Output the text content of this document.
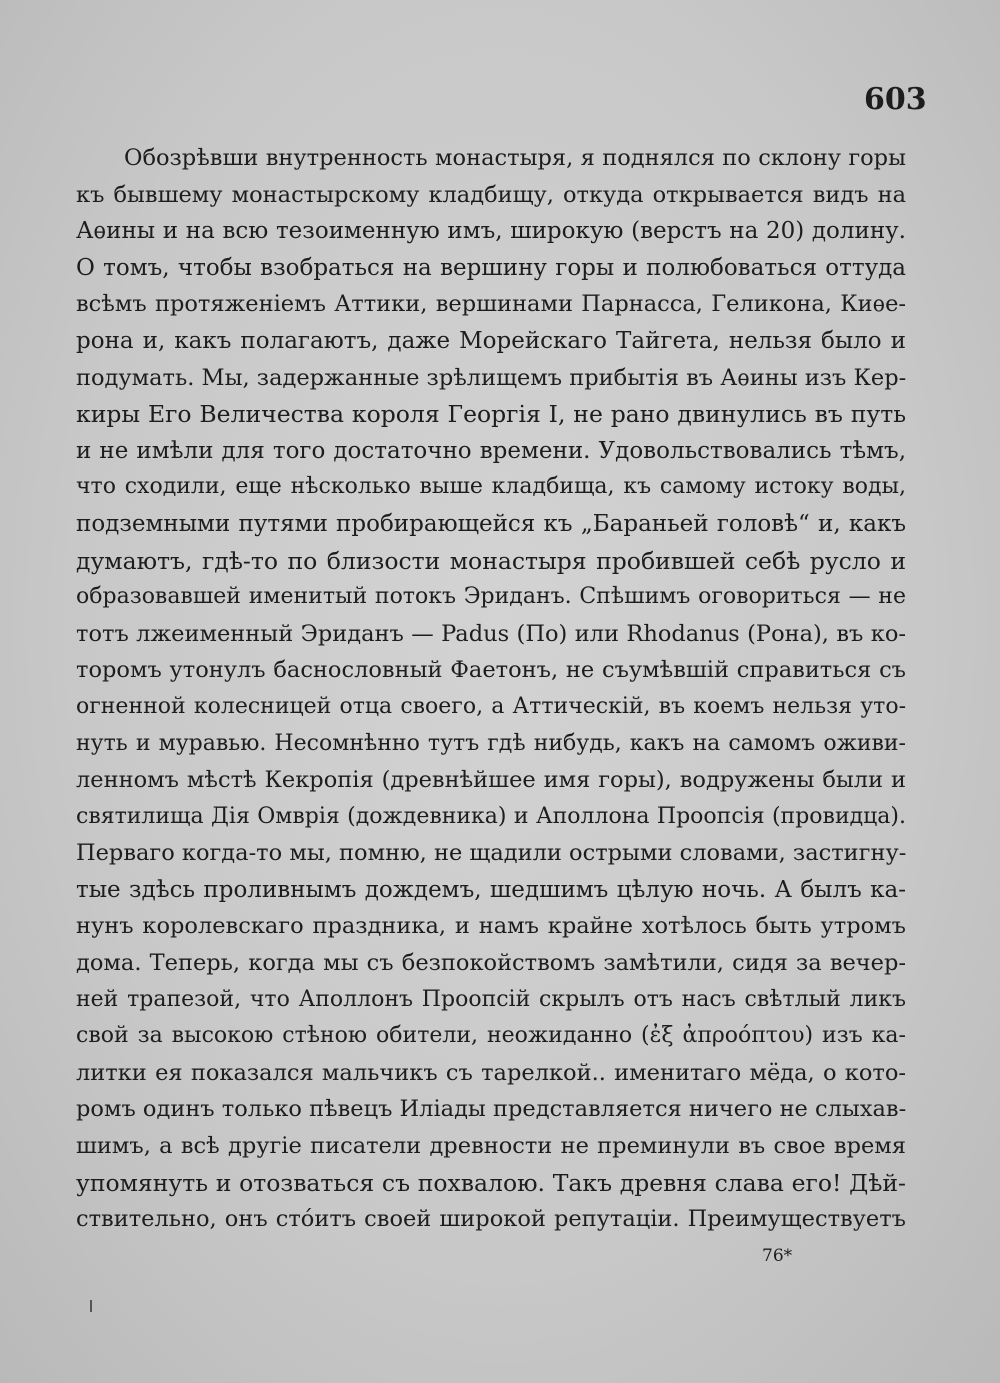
603
Обозрѣвши внутренность монастыря, я поднялся по склону горы
къ бывшему монастырскому кладбищу, откуда открывается видъ на
Аѳины и на всю тезоименную имъ, широкую (верстъ на 20) долину.
О томъ, чтобы взобраться на вершину горы и полюбоваться оттуда
всѣмъ протяженіемъ Аттики, вершинами Парнасса, Геликона, Киѳе-
рона и, какъ полагаютъ, даже Морейскаго Тайгета, нельзя было и
подумать. Мы, задержанные зрѣлищемъ прибытія въ Аѳины изъ Кер-
киры Его Величества короля Георгія I, не рано двинулись въ путь
и не имѣли для того достаточно времени. Удовольствовались тѣмъ,
что сходили, еще нѣсколько выше кладбища, къ самому истоку воды,
подземными путями пробирающейся къ „Бараньей головѣ“ и, какъ
думаютъ, гдѣ-то по близости монастыря пробившей себѣ русло и
образовавшей именитый потокъ Эриданъ. Спѣшимъ оговориться — не
тотъ лжеименный Эриданъ — Padus (По) или Rhodanus (Рона), въ ко-
торомъ утонулъ баснословный Фаетонъ, не съумѣвшій справиться съ
огненной колесницей отца своего, а Аттическій, въ коемъ нельзя уто-
нуть и муравью. Несомнѣнно тутъ гдѣ нибудь, какъ на самомъ оживи-
ленномъ мѣстѣ Кекропія (древнѣйшее имя горы), водружены были и
святилища Дія Омврія (дождевника) и Аполлона Проопсія (провидца).
Перваго когда-то мы, помню, не щадили острыми словами, застигну-
тые здѣсь проливнымъ дождемъ, шедшимъ цѣлую ночь. А былъ ка-
нунъ королевскаго праздника, и намъ крайне хотѣлось быть утромъ
дома. Теперь, когда мы съ безпокойствомъ замѣтили, сидя за вечер-
ней трапезой, что Аполлонъ Проопсій скрылъ отъ насъ свѣтлый ликъ
свой за высокою стѣною обители, неожиданно (ἐξ ἀπροόπτου) изъ ка-
литки ея показался мальчикъ съ тарелкой.. именитаго мёда, о кото-
ромъ одинъ только пѣвецъ Иліады представляется ничего не слыхав-
шимъ, а всѣ другіе писатели древности не преминули въ свое время
упомянуть и отозваться съ похвалою. Такъ древня слава его! Дѣй-
ствительно, онъ стóитъ своей широкой репутаціи. Преимуществуетъ
76*
